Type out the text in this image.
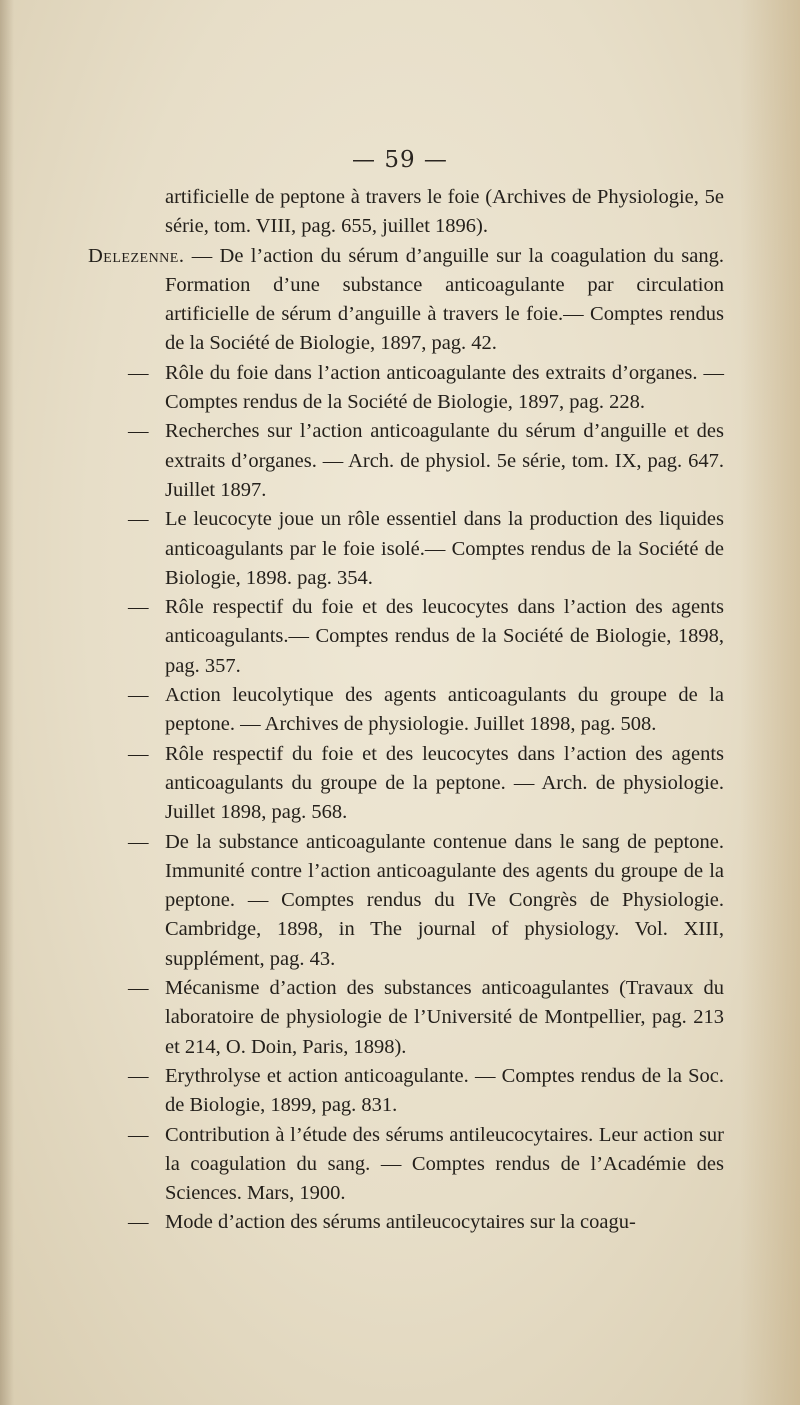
— 59 —

artificielle de peptone à travers le foie (Archives de Physiologie, 5e série, tom. VIII, pag. 655, juillet 1896).

Delezenne. — De l’action du sérum d’anguille sur la coagulation du sang. Formation d’une substance anticoagulante par circulation artificielle de sérum d’anguille à travers le foie.— Comptes rendus de la Société de Biologie, 1897, pag. 42.

— Rôle du foie dans l’action anticoagulante des extraits d’organes. — Comptes rendus de la Société de Biologie, 1897, pag. 228.

— Recherches sur l’action anticoagulante du sérum d’anguille et des extraits d’organes. — Arch. de physiol. 5e série, tom. IX, pag. 647. Juillet 1897.

— Le leucocyte joue un rôle essentiel dans la production des liquides anticoagulants par le foie isolé.— Comptes rendus de la Société de Biologie, 1898. pag. 354.

— Rôle respectif du foie et des leucocytes dans l’action des agents anticoagulants.— Comptes rendus de la Société de Biologie, 1898, pag. 357.

— Action leucolytique des agents anticoagulants du groupe de la peptone. — Archives de physiologie. Juillet 1898, pag. 508.

— Rôle respectif du foie et des leucocytes dans l’action des agents anticoagulants du groupe de la peptone. — Arch. de physiologie. Juillet 1898, pag. 568.

— De la substance anticoagulante contenue dans le sang de peptone. Immunité contre l’action anticoagulante des agents du groupe de la peptone. — Comptes rendus du IVe Congrès de Physiologie. Cambridge, 1898, in The journal of physiology. Vol. XIII, supplément, pag. 43.

— Mécanisme d’action des substances anticoagulantes (Travaux du laboratoire de physiologie de l’Université de Montpellier, pag. 213 et 214, O. Doin, Paris, 1898).

— Erythrolyse et action anticoagulante. — Comptes rendus de la Soc. de Biologie, 1899, pag. 831.

— Contribution à l’étude des sérums antileucocytaires. Leur action sur la coagulation du sang. — Comptes rendus de l’Académie des Sciences. Mars, 1900.

— Mode d’action des sérums antileucocytaires sur la coagu-
